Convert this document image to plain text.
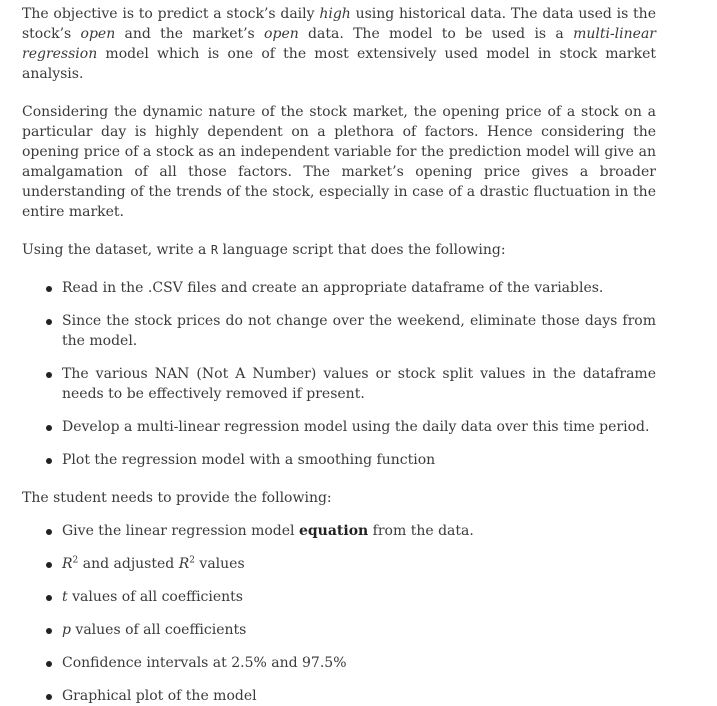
The objective is to predict a stock’s daily high using historical data. The data used is the stock’s open and the market’s open data. The model to be used is a multi-linear regression model which is one of the most extensively used model in stock market analysis.

Considering the dynamic nature of the stock market, the opening price of a stock on a particular day is highly dependent on a plethora of factors. Hence considering the opening price of a stock as an independent variable for the prediction model will give an amalgamation of all those factors. The market’s opening price gives a broader understanding of the trends of the stock, especially in case of a drastic fluctuation in the entire market.

Using the dataset, write a R language script that does the following:

Read in the .CSV files and create an appropriate dataframe of the variables.
Since the stock prices do not change over the weekend, eliminate those days from the model.
The various NAN (Not A Number) values or stock split values in the dataframe needs to be effectively removed if present.
Develop a multi-linear regression model using the daily data over this time period.
Plot the regression model with a smoothing function

The student needs to provide the following:

Give the linear regression model equation from the data.
$R^2$ and adjusted $R^2$ values
t values of all coefficients
p values of all coefficients
Confidence intervals at 2.5% and 97.5%
Graphical plot of the model
